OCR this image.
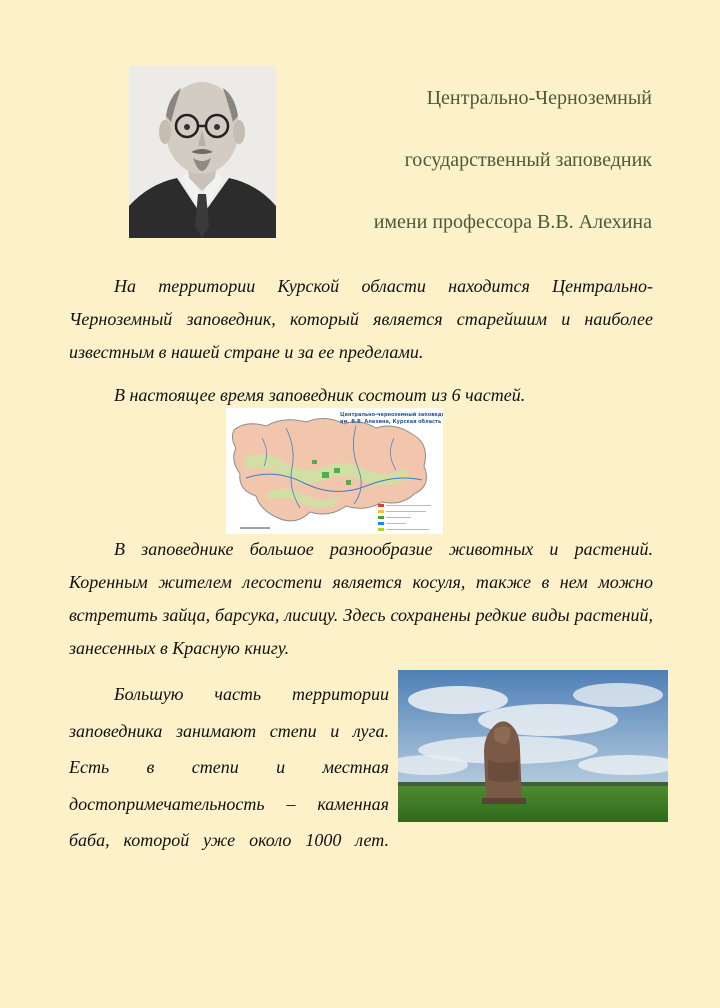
Центрально-Черноземный
государственный заповедник
имени профессора В.В. Алехина

На территории Курской области находится Центрально-Черноземный заповедник, который является старейшим и наиболее известным в нашей стране и за ее пределами.

В настоящее время заповедник состоит из 6 частей.

Центрально-черноземный заповедник
им. В.В. Алехина, Курская область

В заповеднике большое разнообразие животных и растений. Коренным жителем лесостепи является косуля, также в нем можно встретить зайца, барсука, лисицу. Здесь сохранены редкие виды растений, занесенных в Красную книгу.

Большую часть территории заповедника занимают степи и луга. Есть в степи и местная достопримечательность – каменная баба, которой уже около 1000 лет.
